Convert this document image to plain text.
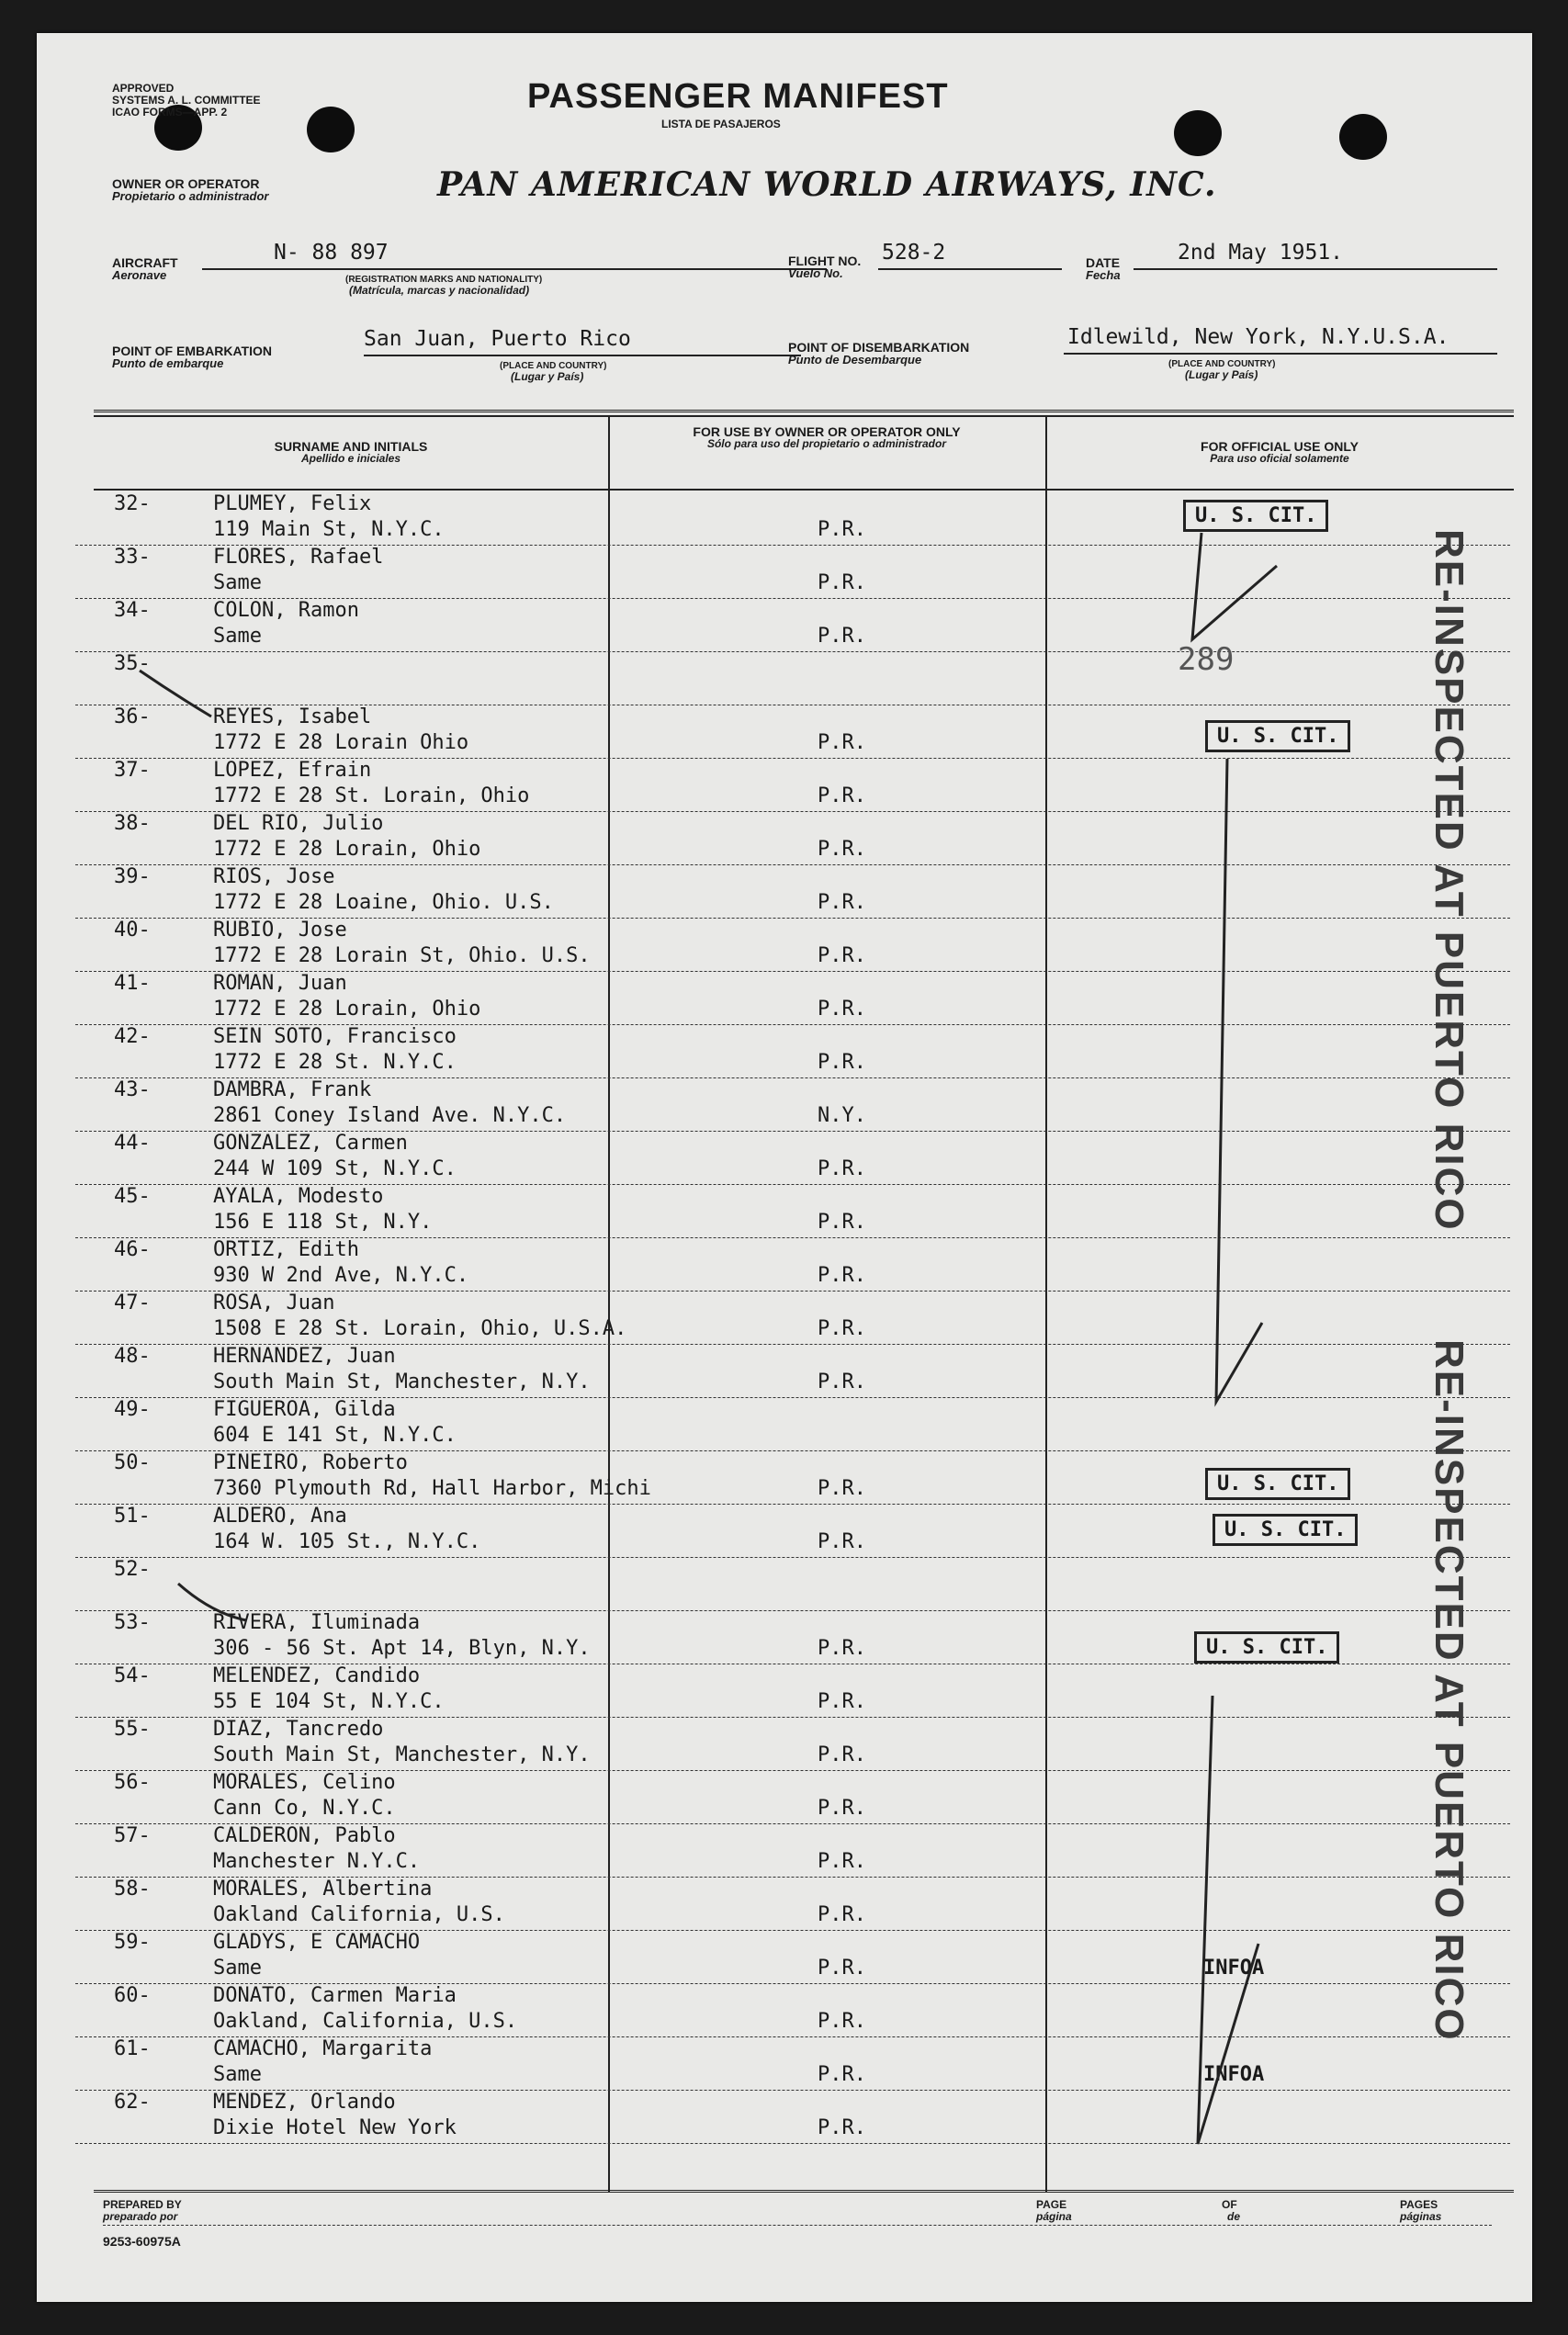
APPROVED
SYSTEMS A. L. COMMITTEE
ICAO FORMS—APP. 2	PASSENGER MANIFEST
LISTA DE PASAJEROS
OWNER OR OPERATOR
Propietario o administrador	PAN AMERICAN WORLD AIRWAYS, INC.
AIRCRAFT
Aeronave
N- 88 897
(REGISTRATION MARKS AND NATIONALITY)
(Matrícula, marcas y nacionalidad)
FLIGHT NO.
Vuelo No.
528-2	DATE
Fecha
2nd May 1951.
POINT OF EMBARKATION
Punto de embarque
San Juan, Puerto Rico
(PLACE AND COUNTRY)
(Lugar y País)
POINT OF DISEMBARKATION
Punto de Desembarque
Idlewild, New York, N.Y.U.S.A.
(PLACE AND COUNTRY)
(Lugar y País)
SURNAME AND INITIALS
Apellido e iniciales
FOR USE BY OWNER OR OPERATOR ONLY
Sólo para uso del propietario o administrador	FOR OFFICIAL USE ONLY
Para uso oficial solamente
32-	PLUMEY, Felix
119 Main St, N.Y.C.	P.R.
33-	FLORES, Rafael
Same	P.R.
34-	COLON, Ramon
Same	P.R.
35-
36-	REYES, Isabel
1772 E 28 Lorain Ohio	P.R.
37-	LOPEZ, Efrain
1772 E 28 St. Lorain, Ohio	P.R.
38-	DEL RIO, Julio
1772 E 28 Lorain, Ohio	P.R.
39-	RIOS, Jose
1772 E 28 Loaine, Ohio. U.S.	P.R.
40-	RUBIO, Jose
1772 E 28 Lorain St, Ohio. U.S.	P.R.
41-	ROMAN, Juan
1772 E 28 Lorain, Ohio	P.R.
42-	SEIN SOTO, Francisco
1772 E 28 St. N.Y.C.	P.R.
43-	DAMBRA, Frank
2861 Coney Island Ave. N.Y.C.	N.Y.
44-	GONZALEZ, Carmen
244 W 109 St, N.Y.C.	P.R.
45-	AYALA, Modesto
156 E 118 St, N.Y.	P.R.
46-	ORTIZ, Edith
930 W 2nd Ave, N.Y.C.	P.R.
47-	ROSA, Juan
1508 E 28 St. Lorain, Ohio, U.S.A.	P.R.
48-	HERNANDEZ, Juan
South Main St, Manchester, N.Y.	P.R.
49-	FIGUEROA, Gilda
604 E 141 St, N.Y.C.
50-	PINEIRO, Roberto
7360 Plymouth Rd, Hall Harbor, Michi	P.R.
51-	ALDERO, Ana
164 W. 105 St., N.Y.C.	P.R.
52-
53-	RIVERA, Iluminada
306 - 56 St. Apt 14, Blyn, N.Y.	P.R.
54-	MELENDEZ, Candido
55 E 104 St, N.Y.C.	P.R.
55-	DIAZ, Tancredo
South Main St, Manchester, N.Y.	P.R.
56-	MORALES, Celino
Cann Co, N.Y.C.	P.R.
57-	CALDERON, Pablo
Manchester N.Y.C.	P.R.
58-	MORALES, Albertina
Oakland California, U.S.	P.R.
59-	GLADYS, E CAMACHO
Same	P.R.	INFOA
60-	DONATO, Carmen Maria
Oakland, California, U.S.	P.R.
61-	CAMACHO, Margarita
Same	P.R.	INFOA
62-	MENDEZ, Orlando
Dixie Hotel New York	P.R.
U. S. CIT.
289
U. S. CIT.
U. S. CIT.
U. S. CIT.
U. S. CIT.
RE-INSPECTED AT PUERTO RICO
RE-INSPECTED AT PUERTO RICO
PREPARED BY
preparado por
PAGE
página
OF
de
PAGES
páginas
9253-60975A
